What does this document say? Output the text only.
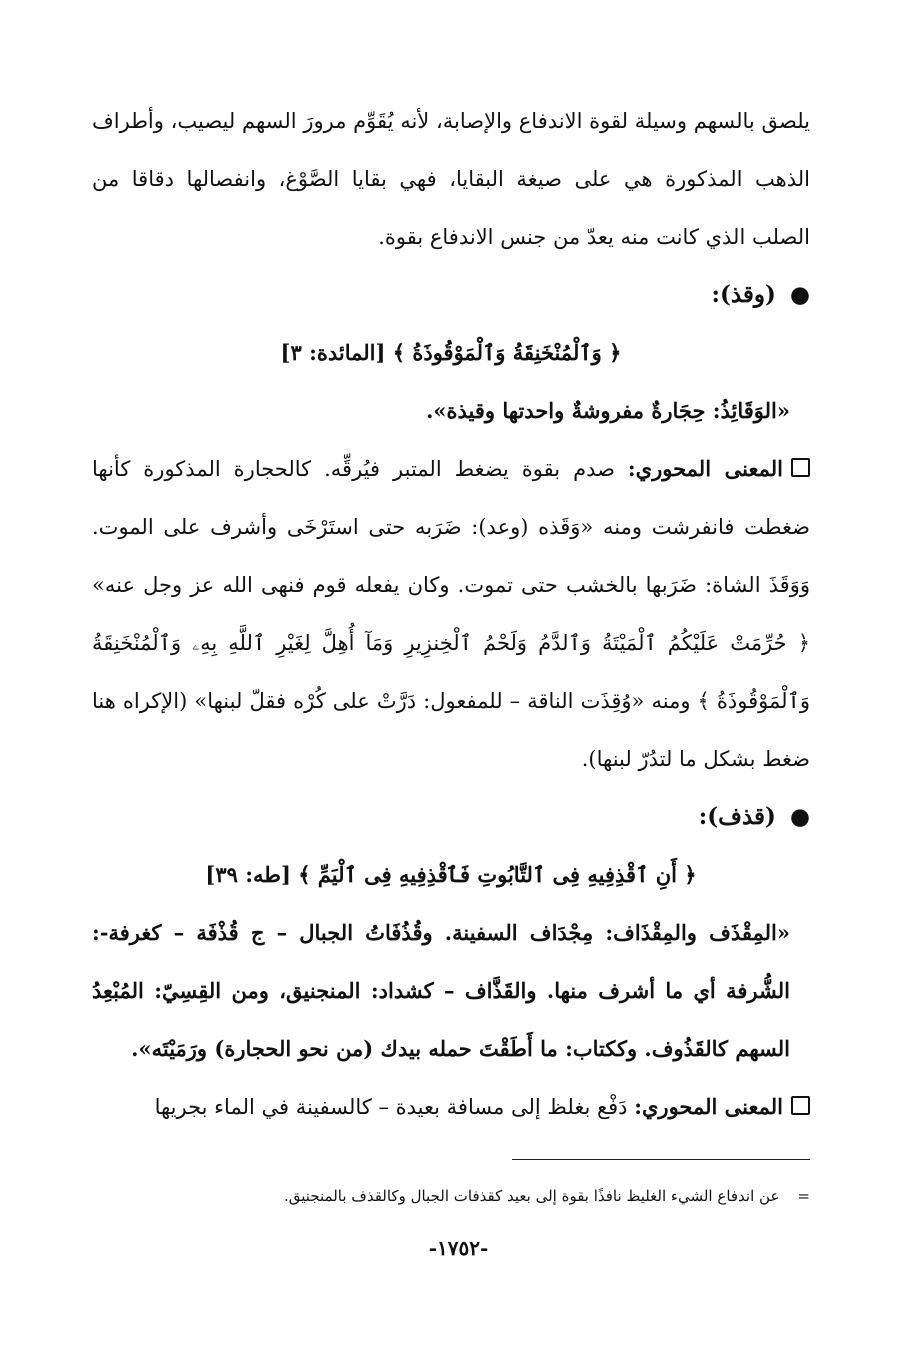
يلصق بالسهم وسيلة لقوة الاندفاع والإصابة، لأنه يُقَوِّم مرورَ السهم ليصيب، وأطراف الذهب المذكورة هي على صيغة البقايا، فهي بقايا الصَّوْغ، وانفصالها دقاقا من الصلب الذي كانت منه يعدّ من جنس الاندفاع بقوة.

●(وقذ):

﴿ وَٱلْمُنْخَنِقَةُ وَٱلْمَوْقُوذَةُ ﴾ [المائدة: ٣]

«الوَقَائِذُ: حِجَارةٌ مفروشةٌ واحدتها وقيذة».

المعنى المحوري: صدم بقوة يضغط المتبر فيُرقِّه. كالحجارة المذكورة كأنها ضغطت فانفرشت ومنه «وَقَذه (وعد): ضَرَبه حتى استَرْخَى وأشرف على الموت. وَوَقَذَ الشاة: ضَرَبها بالخشب حتى تموت. وكان يفعله قوم فنهى الله عز وجل عنه» ﴿ حُرِّمَتْ عَلَيْكُمُ ٱلْمَيْتَةُ وَٱلدَّمُ وَلَحْمُ ٱلْخِنزِيرِ وَمَآ أُهِلَّ لِغَيْرِ ٱللَّهِ بِهِۦ وَٱلْمُنْخَنِقَةُ وَٱلْمَوْقُوذَةُ ﴾ ومنه «وُقِذَت الناقة – للمفعول: دَرَّتْ على كُرْه فقلّ لبنها» (الإكراه هنا ضغط بشكل ما لتدُرّ لبنها).

●(قذف):

﴿ أَنِ ٱقْذِفِيهِ فِى ٱلتَّابُوتِ فَٱقْذِفِيهِ فِى ٱلْيَمِّ ﴾ [طه: ٣٩]

«المِقْذَف والمِقْذَاف: مِجْدَاف السفينة. وقُذُفَاتُ الجبال – ج قُذْفَة – كغرفة-: الشُّرفة أي ما أشرف منها. والقَذَّاف – كشداد: المنجنيق، ومن القِسِيّ: المُبْعِدُ السهم كالقَذُوف. وككتاب: ما أَطَقْتَ حمله بيدك (من نحو الحجارة) ورَمَيْتَه».

المعنى المحوري: دَفْع بغلظ إلى مسافة بعيدة – كالسفينة في الماء بجريها

=عن اندفاع الشيء الغليظ نافذًا بقوة إلى بعيد كقذفات الجبال وكالقذف بالمنجنيق.
-١٧٥٢-
